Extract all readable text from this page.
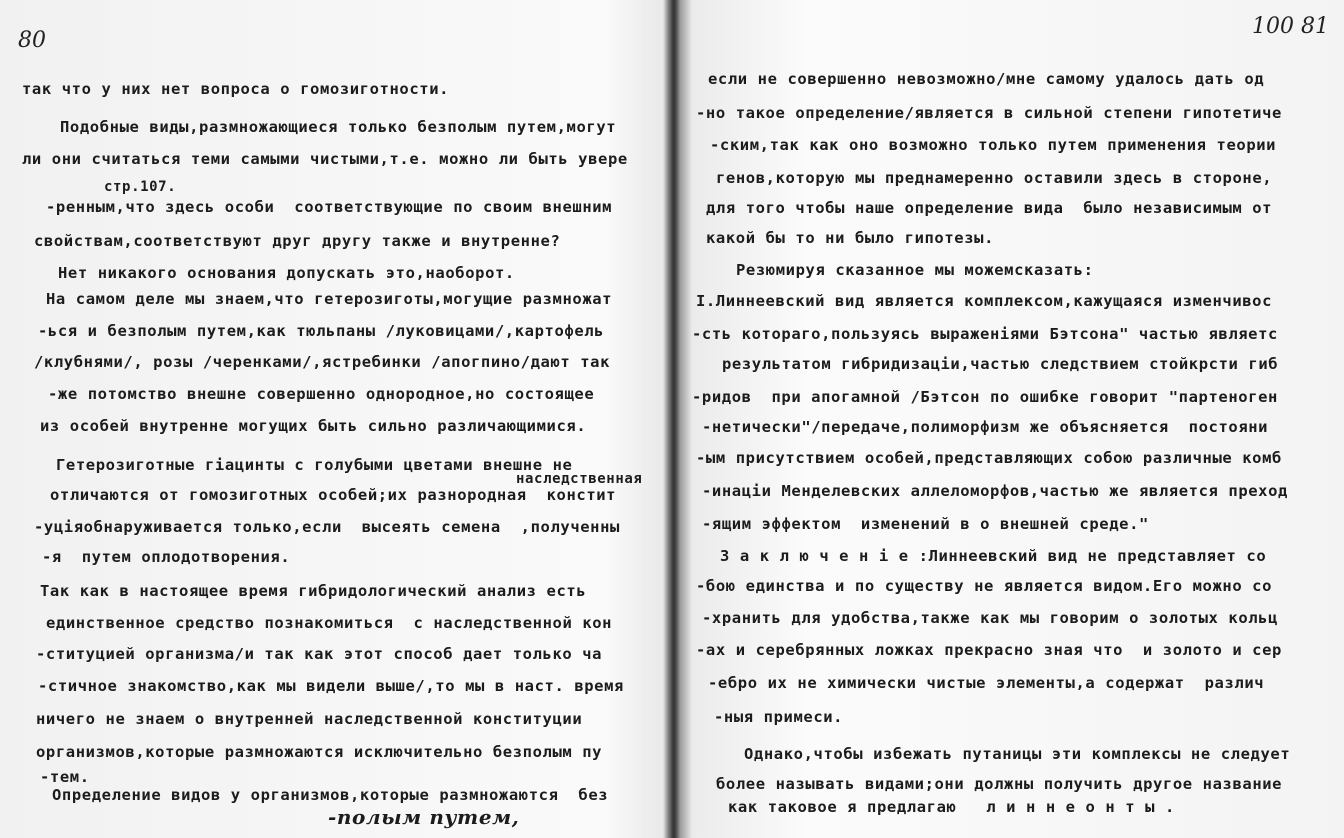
80
так что у них нет вопроса о гомозиготности.
Подобные виды,размножающиеся только безполым путем,могут
ли они считаться теми самыми чистыми,т.е. можно ли быть увере
стр.107.
-ренным,что здесь особи  соответствующие по своим внешним
свойствам,соответствуют друг другу также и внутренне?
Нет никакого основания допускать это,наоборот.
На самом деле мы знаем,что гетерозиготы,могущие размножат
-ься и безполым путем,как тюльпаны /луковицами/,картофель
/клубнями/, розы /черенками/,ястребинки /апогпино/дают так
-же потомство внешне совершенно однородное,но состоящее
из особей внутренне могущих быть сильно различающимися.
Гетерозиготные гіацинты с голубыми цветами внешне не
наследственная
отличаются от гомозиготных особей;их разнородная  констит
-уціяобнаруживается только,если  высеять семена  ,полученны
-я  путем оплодотворения.
Так как в настоящее время гибридологический анализ есть
единственное средство познакомиться  с наследственной кон
-ституцией организма/и так как этот способ дает только ча
-стичное знакомство,как мы видели выше/,то мы в наст. время
ничего не знаем о внутренней наследственной конституции
организмов,которые размножаются исключительно безполым пу
-тем.
Определение видов у организмов,которые размножаются  без
-полым путем,
100 81
если не совершенно невозможно/мне самому удалось дать од
-но такое определение/является в сильной степени гипотетиче
-ским,так как оно возможно только путем применения теории
генов,которую мы преднамеренно оставили здесь в стороне,
для того чтобы наше определение вида  было независимым от
какой бы то ни было гипотезы.
Резюмируя сказанное мы можемсказать:
I.Линнеевский вид является комплексом,кажущаяся изменчивос
-сть котораго,пользуясь выраженіями Бэтсона" частью являетс
результатом гибридизаціи,частью следствием стойкрсти гиб
-ридов  при апогамной /Бэтсон по ошибке говорит "партеноген
-нетически"/передаче,полиморфизм же объясняется  постояни
-ым присутствием особей,представляющих собою различные комб
-инаціи Менделевских аллеломорфов,частью же является преход
-ящим эффектом  изменений в о внешней среде."
З а к л ю ч е н і е :Линнеевский вид не представляет со
-бою единства и по существу не является видом.Его можно со
-хранить для удобства,также как мы говорим о золотых кольц
-ах и серебрянных ложках прекрасно зная что  и золото и сер
-ебро их не химически чистые элементы,а содержат  различ
-ныя примеси.
Однако,чтобы избежать путаницы эти комплексы не следует
более называть видами;они должны получить другое название
как таковое я предлагаю   л и н н е о н т ы .
